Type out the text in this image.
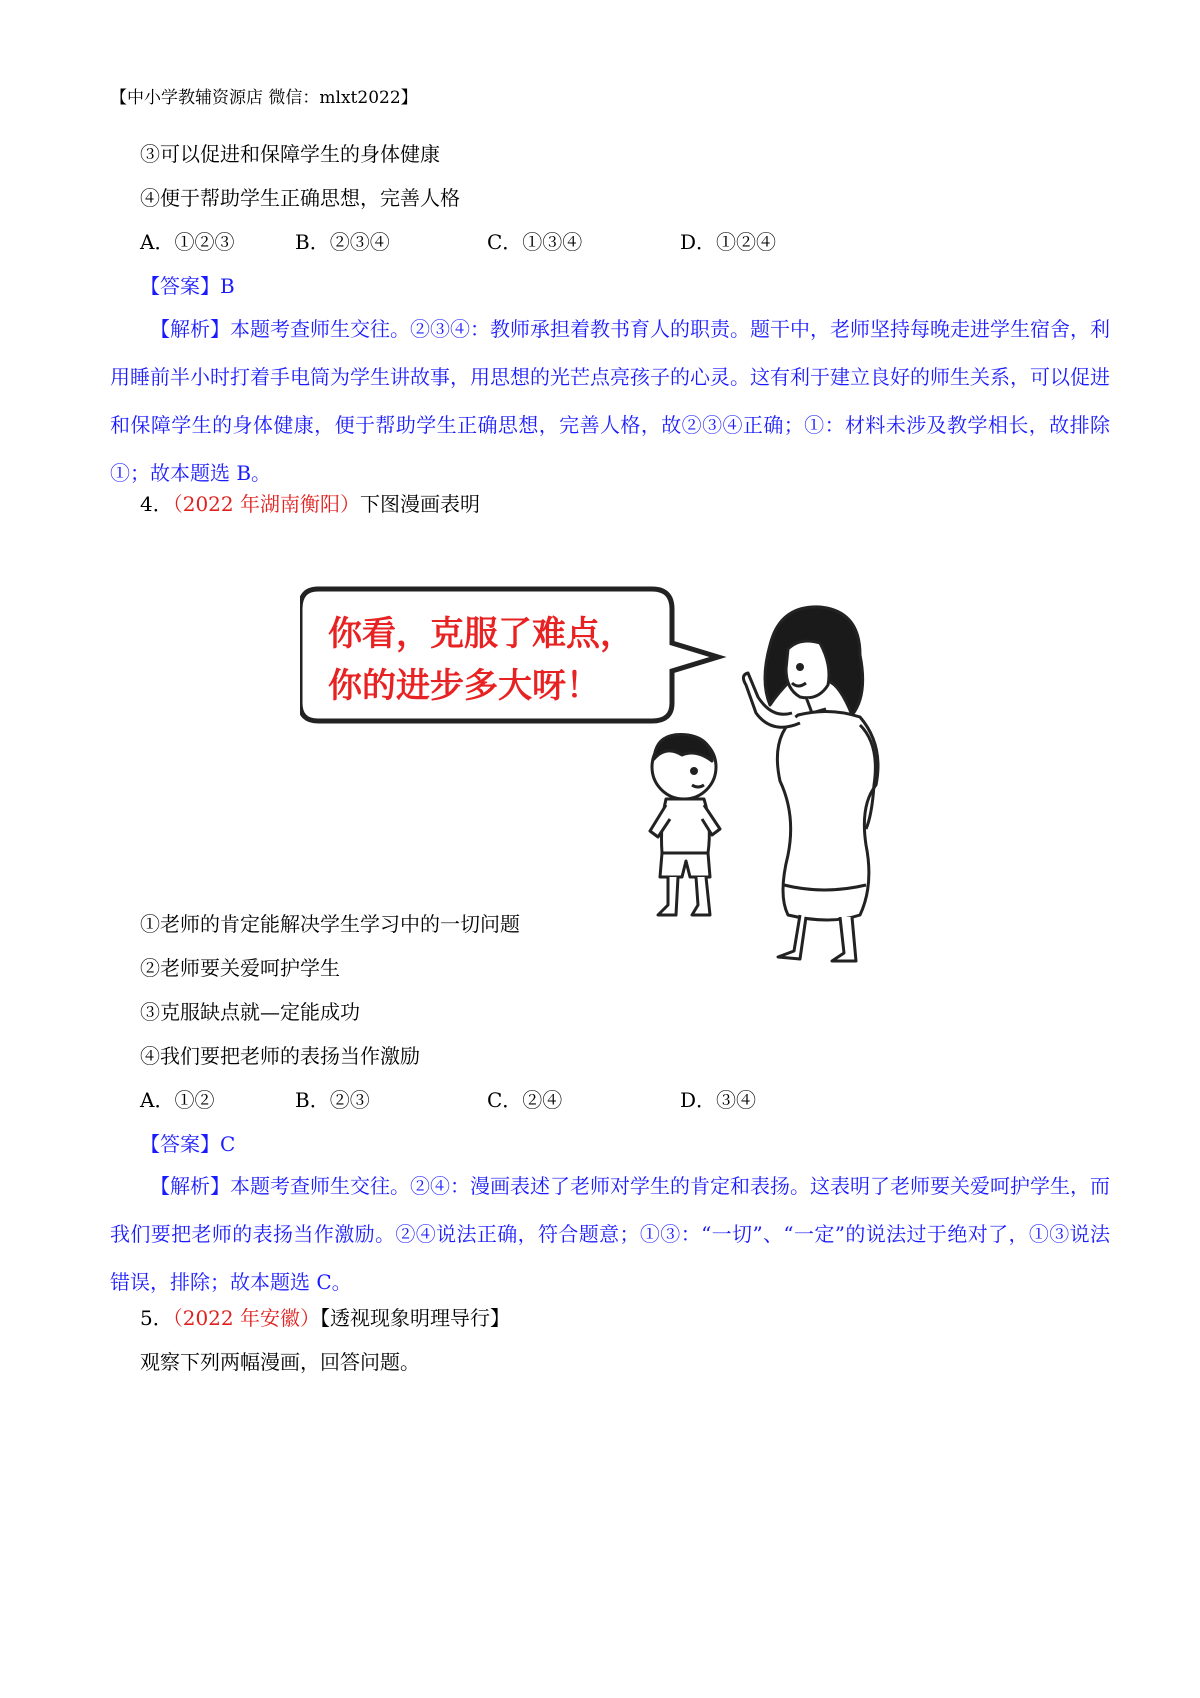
【中小学教辅资源店 微信：mlxt2022】
③可以促进和保障学生的身体健康
④便于帮助学生正确思想，完善人格
A．①②③	B．②③④	C．①③④	D．①②④
【答案】B
【解析】本题考查师生交往。②③④：教师承担着教书育人的职责。题干中，老师坚持每晚走进学生宿舍，利用睡前半小时打着手电筒为学生讲故事，用思想的光芒点亮孩子的心灵。这有利于建立良好的师生关系，可以促进和保障学生的身体健康，便于帮助学生正确思想，完善人格，故②③④正确；①：材料未涉及教学相长，故排除①；故本题选 B。
4．（2022 年湖南衡阳）下图漫画表明
你看，克服了难点，
你的进步多大呀！
①老师的肯定能解决学生学习中的一切问题
②老师要关爱呵护学生
③克服缺点就—定能成功
④我们要把老师的表扬当作激励
A．①②	B．②③	C．②④	D．③④
【答案】C
【解析】本题考查师生交往。②④：漫画表述了老师对学生的肯定和表扬。这表明了老师要关爱呵护学生，而我们要把老师的表扬当作激励。②④说法正确，符合题意；①③：“一切”、“一定”的说法过于绝对了，①③说法错误，排除；故本题选 C。
5．（2022 年安徽）【透视现象明理导行】
观察下列两幅漫画，回答问题。
